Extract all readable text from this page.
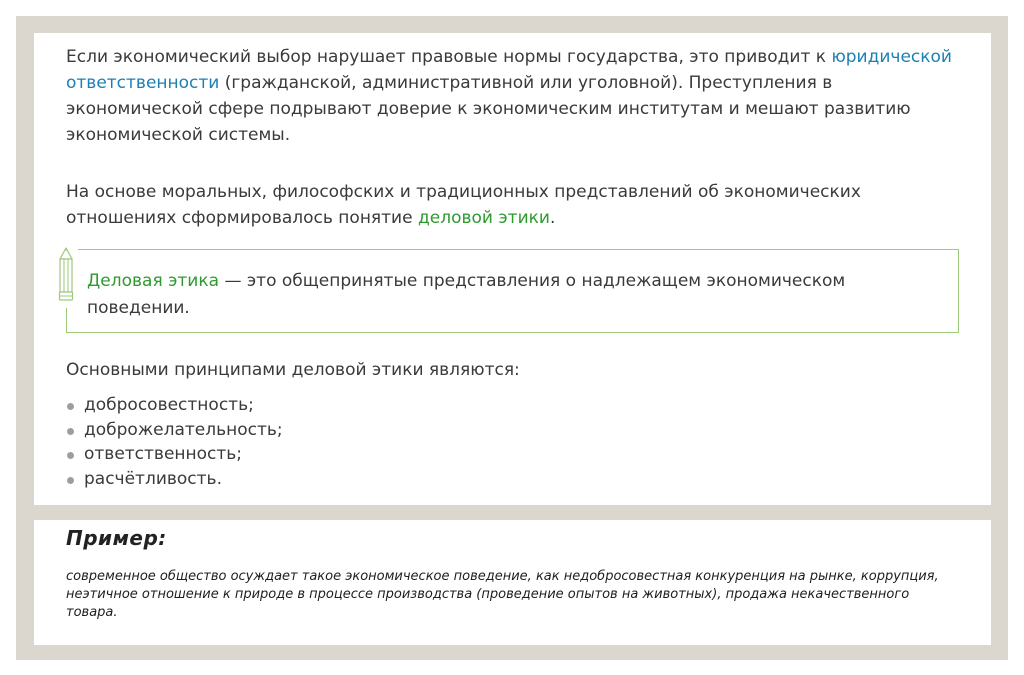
Если экономический выбор нарушает правовые нормы государства, это приводит к юридической ответственности (гражданской, административной или уголовной). Преступления в экономической сфере подрывают доверие к экономическим институтам и мешают развитию экономической системы.

На основе моральных, философских и традиционных представлений об экономических отношениях сформировалось понятие деловой этики.

Деловая этика — это общепринятые представления о надлежащем экономическом поведении.

Основными принципами деловой этики являются:

добросовестность;
доброжелательность;
ответственность;
расчётливость.

Пример:

современное общество осуждает такое экономическое поведение, как недобросовестная конкуренция на рынке, коррупция, неэтичное отношение к природе в процессе производства (проведение опытов на животных), продажа некачественного товара.
